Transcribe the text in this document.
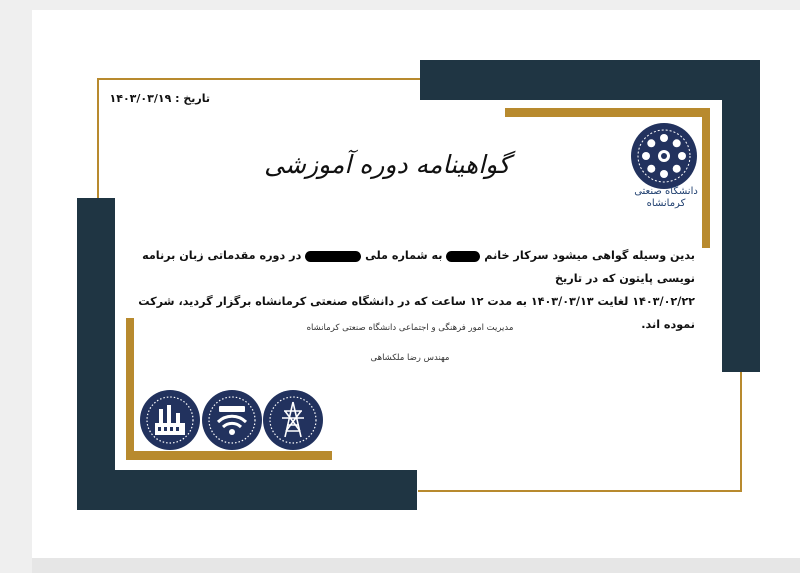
تاریخ : ۱۴۰۳/۰۳/۱۹
گواهینامه دوره آموزشی
دانشگاه صنعتی
کرمانشاه
بدین وسیله گواهی میشود سرکار خانم  به شماره ملی  در دوره مقدماتی زبان برنامه نویسی پایتون که در تاریخ
۱۴۰۳/۰۲/۲۲ لغایت ۱۴۰۳/۰۳/۱۳ به مدت ۱۲ ساعت که در دانشگاه صنعتی کرمانشاه برگزار گردید، شرکت نموده اند.
مدیریت امور فرهنگی و اجتماعی دانشگاه صنعتی کرمانشاه
مهندس رضا ملکشاهی
